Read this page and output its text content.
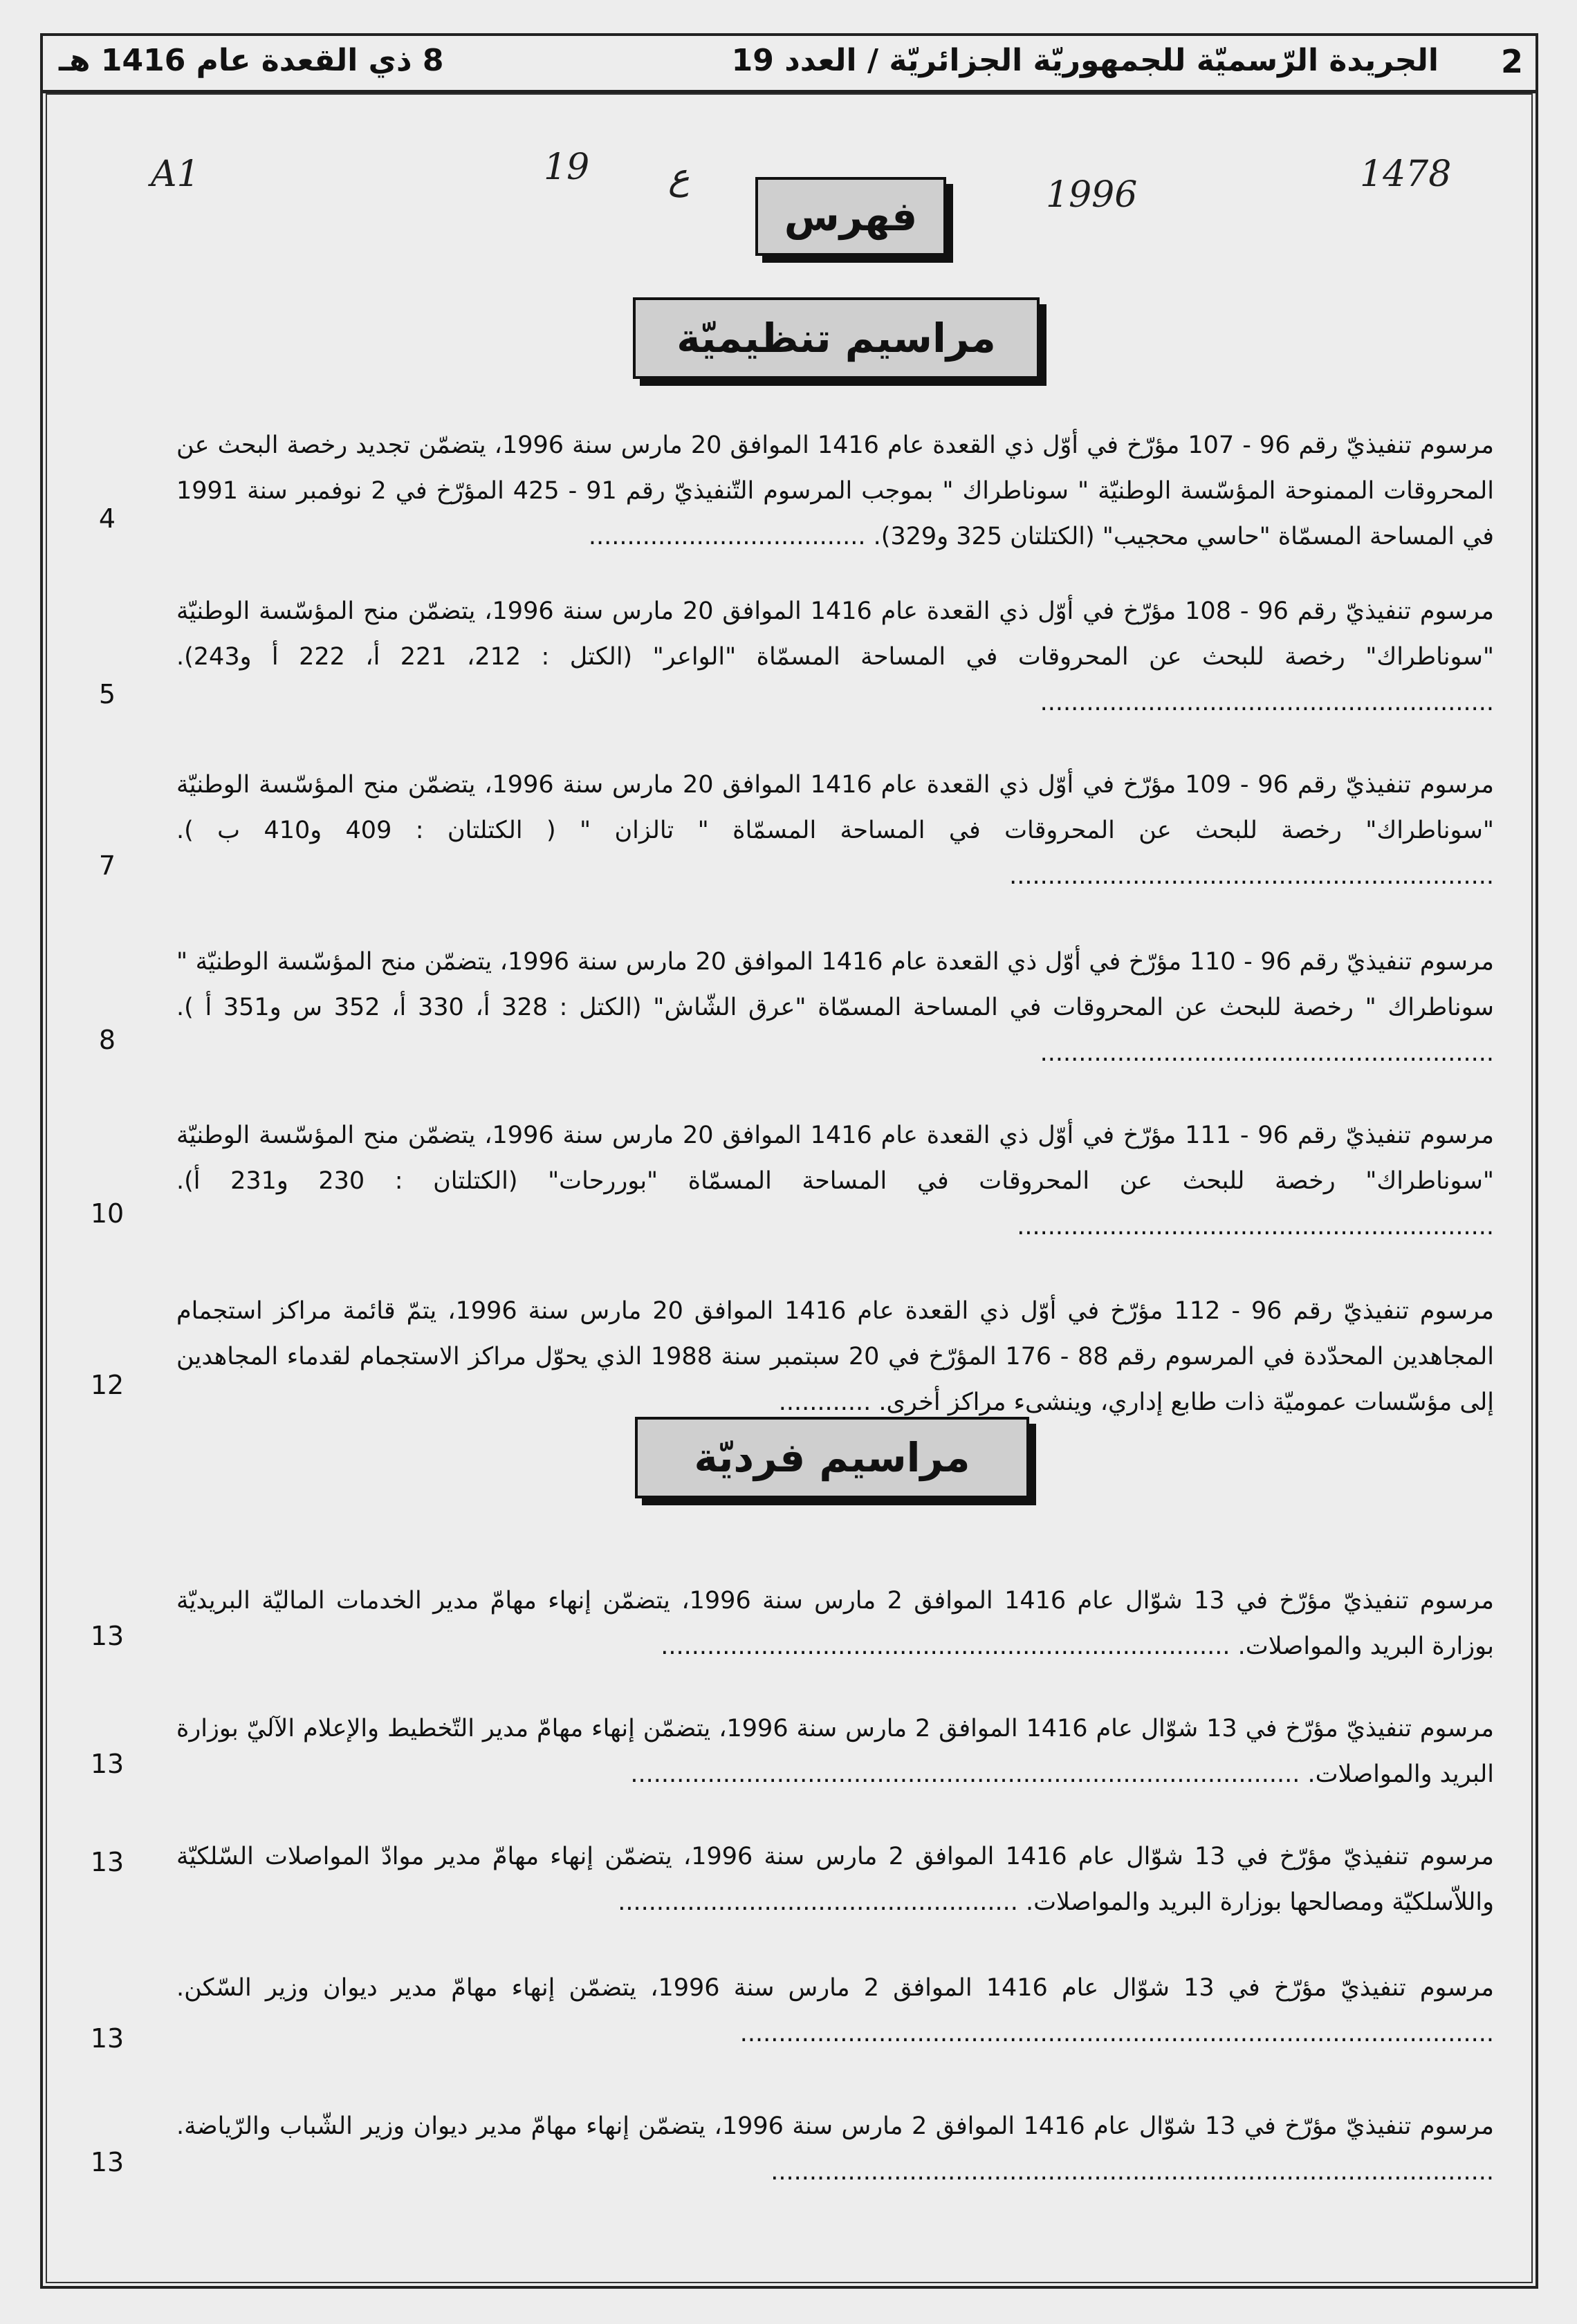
2
الجريدة الرّسميّة للجمهوريّة الجزائريّة / العدد 19
8 ذي القعدة عام 1416 هـ
A1	19 ع	1996	1478
فهرس
مراسيم تنظيميّة
مراسيم فرديّة
مرسوم تنفيذيّ رقم 96 - 107 مؤرّخ في أوّل ذي القعدة عام 1416 الموافق 20 مارس سنة 1996، يتضمّن تجديد رخصة البحث عن المحروقات الممنوحة المؤسّسة الوطنيّة " سوناطراك " بموجب المرسوم التّنفيذيّ رقم 91 - 425 المؤرّخ في 2 نوفمبر سنة 1991 في المساحة المسمّاة "حاسي محجيب" (الكتلتان 325 و329). ....................................
4
مرسوم تنفيذيّ رقم 96 - 108 مؤرّخ في أوّل ذي القعدة عام 1416 الموافق 20 مارس سنة 1996، يتضمّن منح المؤسّسة الوطنيّة "سوناطراك" رخصة للبحث عن المحروقات في المساحة المسمّاة "الواعر" (الكتل : 212، 221 أ، 222 أ و243). ...........................................................
5
مرسوم تنفيذيّ رقم 96 - 109 مؤرّخ في أوّل ذي القعدة عام 1416 الموافق 20 مارس سنة 1996، يتضمّن منح المؤسّسة الوطنيّة "سوناطراك" رخصة للبحث عن المحروقات في المساحة المسمّاة " تالزان " ( الكتلتان : 409 و410 ب ). ...............................................................
7
مرسوم تنفيذيّ رقم 96 - 110 مؤرّخ في أوّل ذي القعدة عام 1416 الموافق 20 مارس سنة 1996، يتضمّن منح المؤسّسة الوطنيّة " سوناطراك " رخصة للبحث عن المحروقات في المساحة المسمّاة "عرق الشّاش" (الكتل : 328 أ، 330 أ، 352 س و351 أ ). ...........................................................
8
مرسوم تنفيذيّ رقم 96 - 111 مؤرّخ في أوّل ذي القعدة عام 1416 الموافق 20 مارس سنة 1996، يتضمّن منح المؤسّسة الوطنيّة "سوناطراك" رخصة للبحث عن المحروقات في المساحة المسمّاة "بوررحات" (الكتلتان : 230 و231 أ). ..............................................................
10
مرسوم تنفيذيّ رقم 96 - 112 مؤرّخ في أوّل ذي القعدة عام 1416 الموافق 20 مارس سنة 1996، يتمّ قائمة مراكز استجمام المجاهدين المحدّدة في المرسوم رقم 88 - 176 المؤرّخ في 20 سبتمبر سنة 1988 الذي يحوّل مراكز الاستجمام لقدماء المجاهدين إلى مؤسّسات عموميّة ذات طابع إداري، وينشىء مراكز أخرى. ............
12
مرسوم تنفيذيّ مؤرّخ في 13 شوّال عام 1416 الموافق 2 مارس سنة 1996، يتضمّن إنهاء مهامّ مدير الخدمات الماليّة البريديّة بوزارة البريد والمواصلات. ..........................................................................
13
مرسوم تنفيذيّ مؤرّخ في 13 شوّال عام 1416 الموافق 2 مارس سنة 1996، يتضمّن إنهاء مهامّ مدير التّخطيط والإعلام الآليّ بوزارة البريد والمواصلات. .......................................................................................
13
مرسوم تنفيذيّ مؤرّخ في 13 شوّال عام 1416 الموافق 2 مارس سنة 1996، يتضمّن إنهاء مهامّ مدير موادّ المواصلات السّلكيّة واللاّسلكيّة ومصالحها بوزارة البريد والمواصلات. ....................................................
13
مرسوم تنفيذيّ مؤرّخ في 13 شوّال عام 1416 الموافق 2 مارس سنة 1996، يتضمّن إنهاء مهامّ مدير ديوان وزير السّكن. ..................................................................................................
13
مرسوم تنفيذيّ مؤرّخ في 13 شوّال عام 1416 الموافق 2 مارس سنة 1996، يتضمّن إنهاء مهامّ مدير ديوان وزير الشّباب والرّياضة. ..............................................................................................
13
